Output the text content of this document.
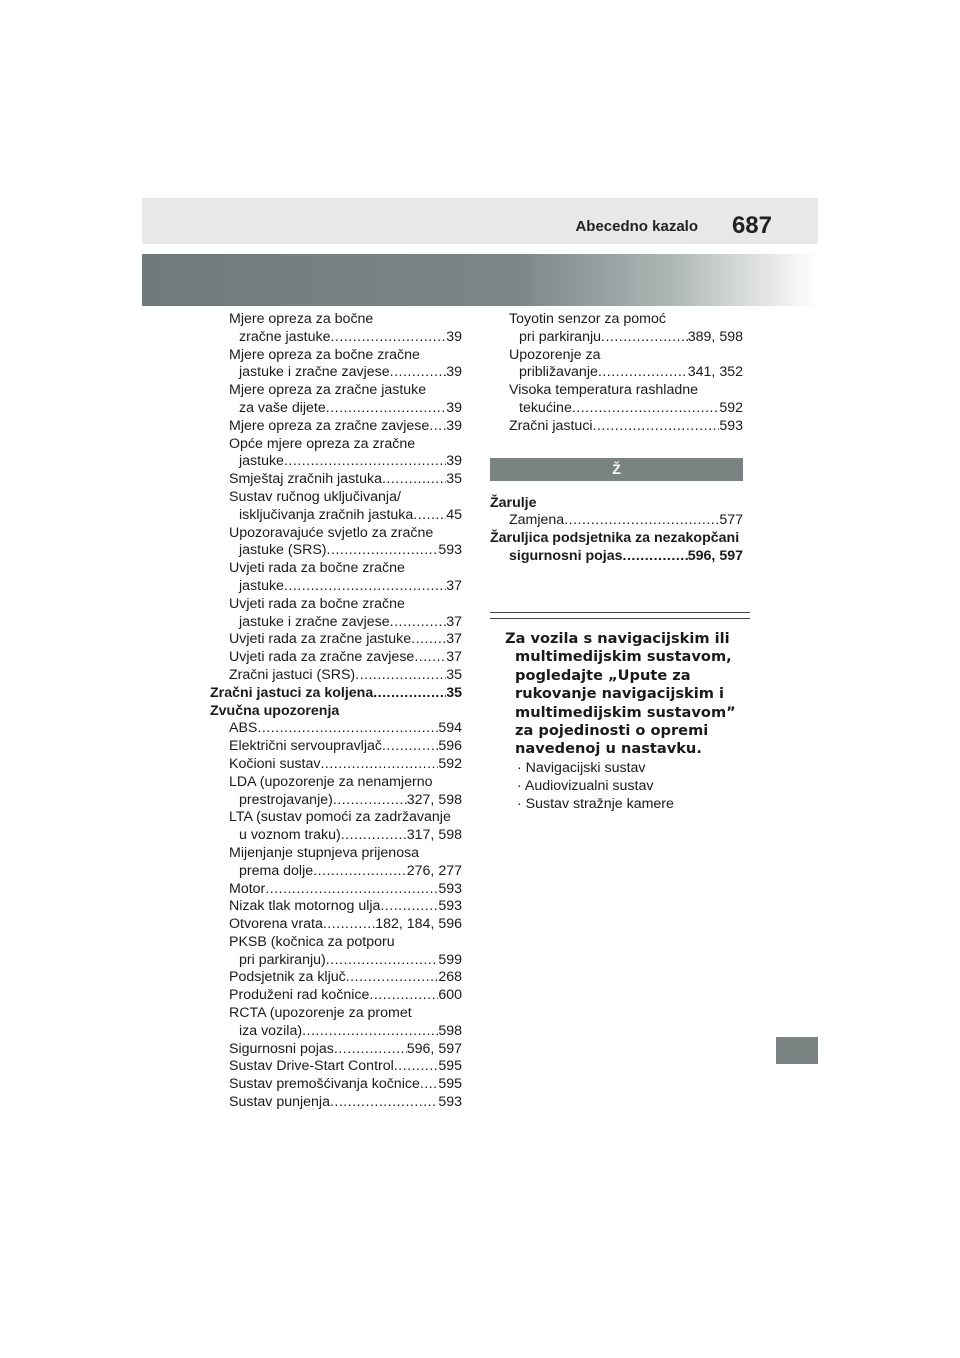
Abecedno kazalo 687
Mjere opreza za bočne
zračne jastuke .....	39
Mjere opreza za bočne zračne
jastuke i zračne zavjese .....	39
Mjere opreza za zračne jastuke
za vaše dijete .....	39
Mjere opreza za zračne zavjese ..... 39
Opće mjere opreza za zračne
jastuke .....	39
Smještaj zračnih jastuka .....	35
Sustav ručnog uključivanja/
isključivanja zračnih jastuka ..... 45
Upozoravajuće svjetlo za zračne
jastuke (SRS) .....	593
Uvjeti rada za bočne zračne
jastuke .....	37
Uvjeti rada za bočne zračne
jastuke i zračne zavjese .....	37
Uvjeti rada za zračne jastuke ..... 37
Uvjeti rada za zračne zavjese ..... 37
Zračni jastuci (SRS) .....	35
Zračni jastuci za koljena .....	35
Zvučna upozorenja
ABS .....	594
Električni servoupravljač .....	596
Kočioni sustav .....	592
LDA (upozorenje za nenamjerno
prestrojavanje) .....	327, 598
LTA (sustav pomoći za zadržavanje
u voznom traku) .....	317, 598
Mijenjanje stupnjeva prijenosa
prema dolje .....	276, 277
Motor .....	593
Nizak tlak motornog ulja .....	593
Otvorena vrata .....	182, 184, 596
PKSB (kočnica za potporu
pri parkiranju) .....	599
Podsjetnik za ključ .....	268
Produženi rad kočnice .....	600
RCTA (upozorenje za promet
iza vozila) .....	598
Sigurnosni pojas .....	596, 597
Sustav Drive-Start Control .....	595
Sustav premošćivanja kočnice ..... 595
Sustav punjenja .....	593
Toyotin senzor za pomoć
pri parkiranju .....	389, 598
Upozorenje za
približavanje .....	341, 352
Visoka temperatura rashladne
tekućine .....	592
Zračni jastuci .....	593
Ž
Žarulje
Zamjena .....	577
Žaruljica podsjetnika za nezakopčani
sigurnosni pojas .....	596, 597
Za vozila s navigacijskim ili multimedijskim sustavom, pogledajte „Upute za rukovanje navigacijskim i multimedijskim sustavom” za pojedinosti o opremi navedenoj u nastavku.
· Navigacijski sustav
· Audiovizualni sustav
· Sustav stražnje kamere
